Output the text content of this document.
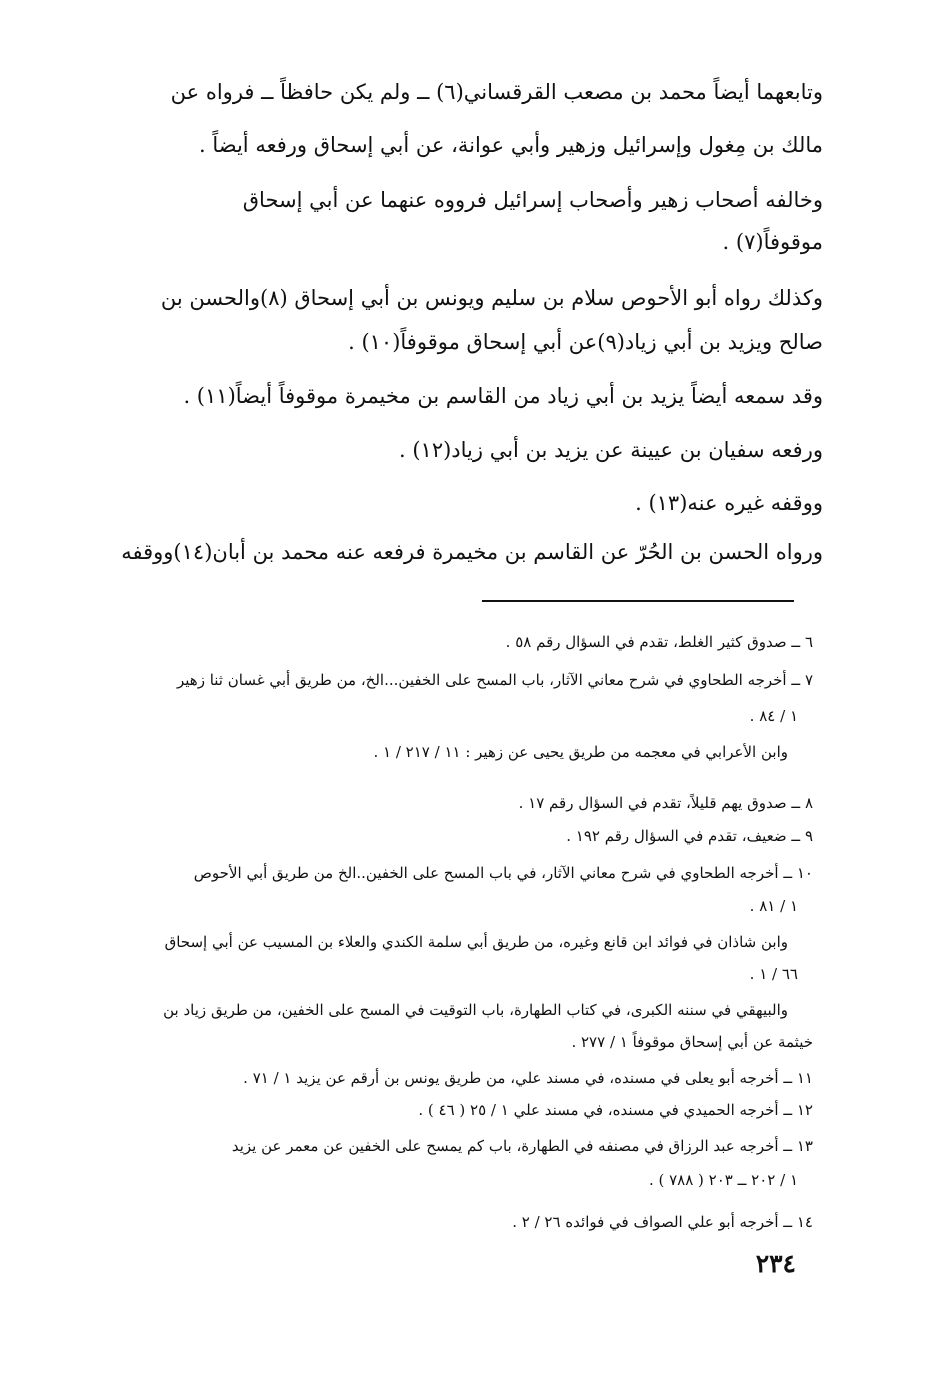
وتابعهما أيضاً محمد بن مصعب القرقساني(٦) ــ ولم يكن حافظاً ــ فرواه عن
مالك بن مِغول وإسرائيل وزهير وأبي عوانة، عن أبي إسحاق ورفعه أيضاً .
وخالفه أصحاب زهير وأصحاب إسرائيل فرووه عنهما عن أبي إسحاق
موقوفاً(٧) .
وكذلك رواه أبو الأحوص سلام بن سليم ويونس بن أبي إسحاق (٨)والحسن بن
صالح ويزيد بن أبي زياد(٩)عن أبي إسحاق موقوفاً(١٠) .
وقد سمعه أيضاً يزيد بن أبي زياد من القاسم بن مخيمرة موقوفاً أيضاً(١١) .
ورفعه سفيان بن عيينة عن يزيد بن أبي زياد(١٢) .
ووقفه غيره عنه(١٣) .
ورواه الحسن بن الحُرّ عن القاسم بن مخيمرة فرفعه عنه محمد بن أبان(١٤)ووقفه
٦ ــ صدوق كثير الغلط، تقدم في السؤال رقم ٥٨ .
٧ ــ أخرجه الطحاوي في شرح معاني الآثار، باب المسح على الخفين...الخ، من طريق أبي غسان ثنا زهير
١ / ٨٤ .
وابن الأعرابي في معجمه من طريق يحيى عن زهير : ١١ / ٢١٧ / ١ .
٨ ــ صدوق يهم قليلاً، تقدم في السؤال رقم ١٧ .
٩ ــ ضعيف، تقدم في السؤال رقم ١٩٢ .
١٠ ــ أخرجه الطحاوي في شرح معاني الآثار، في باب المسح على الخفين..الخ من طريق أبي الأحوص
١ / ٨١ .
وابن شاذان في فوائد ابن قانع وغيره، من طريق أبي سلمة الكندي والعلاء بن المسيب عن أبي إسحاق
٦٦ / ١ .
والبيهقي في سننه الكبرى، في كتاب الطهارة، باب التوقيت في المسح على الخفين، من طريق زياد بن
خيثمة عن أبي إسحاق موقوفاً ١ / ٢٧٧ .
١١ ــ أخرجه أبو يعلى في مسنده، في مسند علي، من طريق يونس بن أرقم عن يزيد ١ / ٧١ .
١٢ ــ أخرجه الحميدي في مسنده، في مسند علي ١ / ٢٥ ( ٤٦ ) .
١٣ ــ أخرجه عبد الرزاق في مصنفه في الطهارة، باب كم يمسح على الخفين عن معمر عن يزيد
١ / ٢٠٢ ــ ٢٠٣ ( ٧٨٨ ) .
١٤ ــ أخرجه أبو علي الصواف في فوائده ٢٦ / ٢ .
٢٣٤
